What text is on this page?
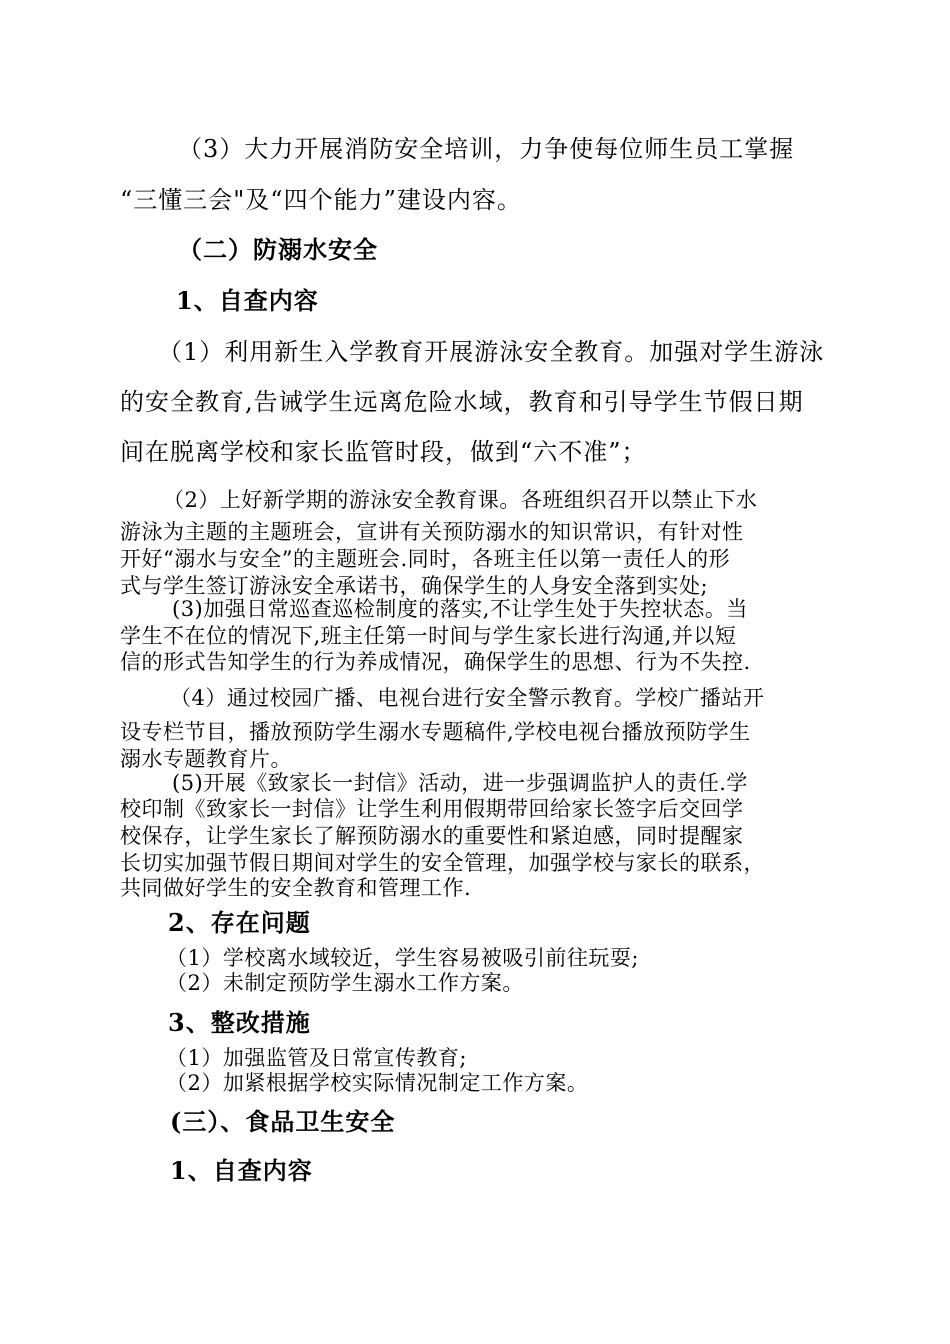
（3）大力开展消防安全培训，力争使每位师生员工掌握
“三懂三会"及“四个能力”建设内容。
（二）防溺水安全
1、自查内容
（1）利用新生入学教育开展游泳安全教育。加强对学生游泳
的安全教育,告诫学生远离危险水域，教育和引导学生节假日期
间在脱离学校和家长监管时段，做到“六不准”；
（2）上好新学期的游泳安全教育课。各班组织召开以禁止下水
游泳为主题的主题班会，宣讲有关预防溺水的知识常识，有针对性
开好“溺水与安全”的主题班会.同时，各班主任以第一责任人的形
式与学生签订游泳安全承诺书，确保学生的人身安全落到实处;
(3)加强日常巡查巡检制度的落实,不让学生处于失控状态。当
学生不在位的情况下,班主任第一时间与学生家长进行沟通,并以短
信的形式告知学生的行为养成情况，确保学生的思想、行为不失控.
（4）通过校园广播、电视台进行安全警示教育。学校广播站开
设专栏节目，播放预防学生溺水专题稿件,学校电视台播放预防学生
溺水专题教育片。
(5)开展《致家长一封信》活动，进一步强调监护人的责任.学
校印制《致家长一封信》让学生利用假期带回给家长签字后交回学
校保存，让学生家长了解预防溺水的重要性和紧迫感，同时提醒家
长切实加强节假日期间对学生的安全管理，加强学校与家长的联系，
共同做好学生的安全教育和管理工作.
2、存在问题
（1）学校离水域较近，学生容易被吸引前往玩耍;
（2）未制定预防学生溺水工作方案。
3、整改措施
（1）加强监管及日常宣传教育;
（2）加紧根据学校实际情况制定工作方案。
(三）、食品卫生安全
1、自查内容
